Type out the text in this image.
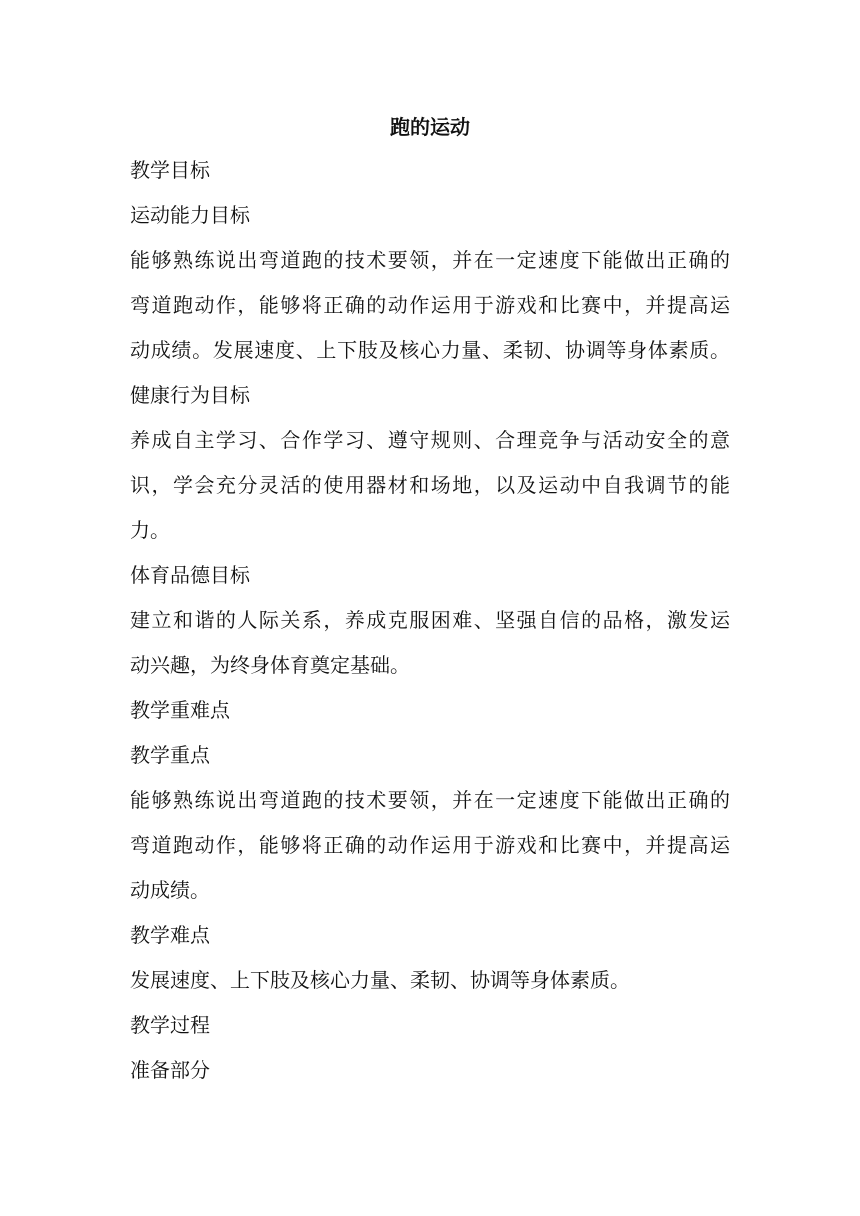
跑的运动

教学目标

运动能力目标

能够熟练说出弯道跑的技术要领，并在一定速度下能做出正确的

弯道跑动作，能够将正确的动作运用于游戏和比赛中，并提高运

动成绩。发展速度、上下肢及核心力量、柔韧、协调等身体素质。

健康行为目标

养成自主学习、合作学习、遵守规则、合理竞争与活动安全的意

识，学会充分灵活的使用器材和场地，以及运动中自我调节的能

力。

体育品德目标

建立和谐的人际关系，养成克服困难、坚强自信的品格，激发运

动兴趣，为终身体育奠定基础。

教学重难点

教学重点

能够熟练说出弯道跑的技术要领，并在一定速度下能做出正确的

弯道跑动作，能够将正确的动作运用于游戏和比赛中，并提高运

动成绩。

教学难点

发展速度、上下肢及核心力量、柔韧、协调等身体素质。

教学过程

准备部分
